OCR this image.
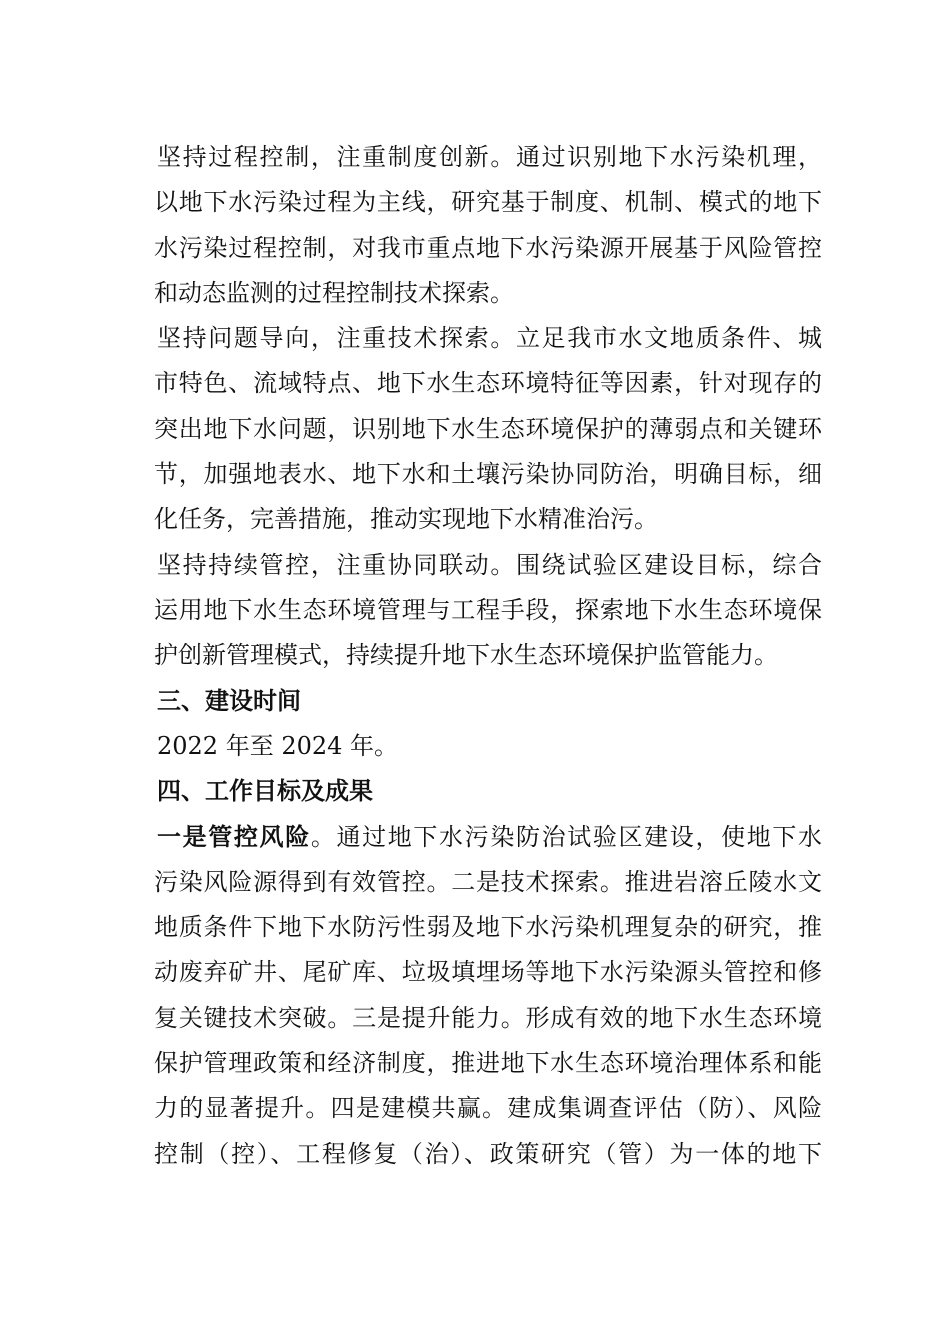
坚持过程控制，注重制度创新。通过识别地下水污染机理，
以地下水污染过程为主线，研究基于制度、机制、模式的地下
水污染过程控制，对我市重点地下水污染源开展基于风险管控
和动态监测的过程控制技术探索。
坚持问题导向，注重技术探索。立足我市水文地质条件、城
市特色、流域特点、地下水生态环境特征等因素，针对现存的
突出地下水问题，识别地下水生态环境保护的薄弱点和关键环
节，加强地表水、地下水和土壤污染协同防治，明确目标，细
化任务，完善措施，推动实现地下水精准治污。
坚持持续管控，注重协同联动。围绕试验区建设目标，综合
运用地下水生态环境管理与工程手段，探索地下水生态环境保
护创新管理模式，持续提升地下水生态环境保护监管能力。
三、建设时间
2022 年至 2024 年。
四、工作目标及成果
一是管控风险。通过地下水污染防治试验区建设，使地下水
污染风险源得到有效管控。二是技术探索。推进岩溶丘陵水文
地质条件下地下水防污性弱及地下水污染机理复杂的研究，推
动废弃矿井、尾矿库、垃圾填埋场等地下水污染源头管控和修
复关键技术突破。三是提升能力。形成有效的地下水生态环境
保护管理政策和经济制度，推进地下水生态环境治理体系和能
力的显著提升。四是建模共赢。建成集调查评估（防）、风险
控制（控）、工程修复（治）、政策研究（管）为一体的地下
